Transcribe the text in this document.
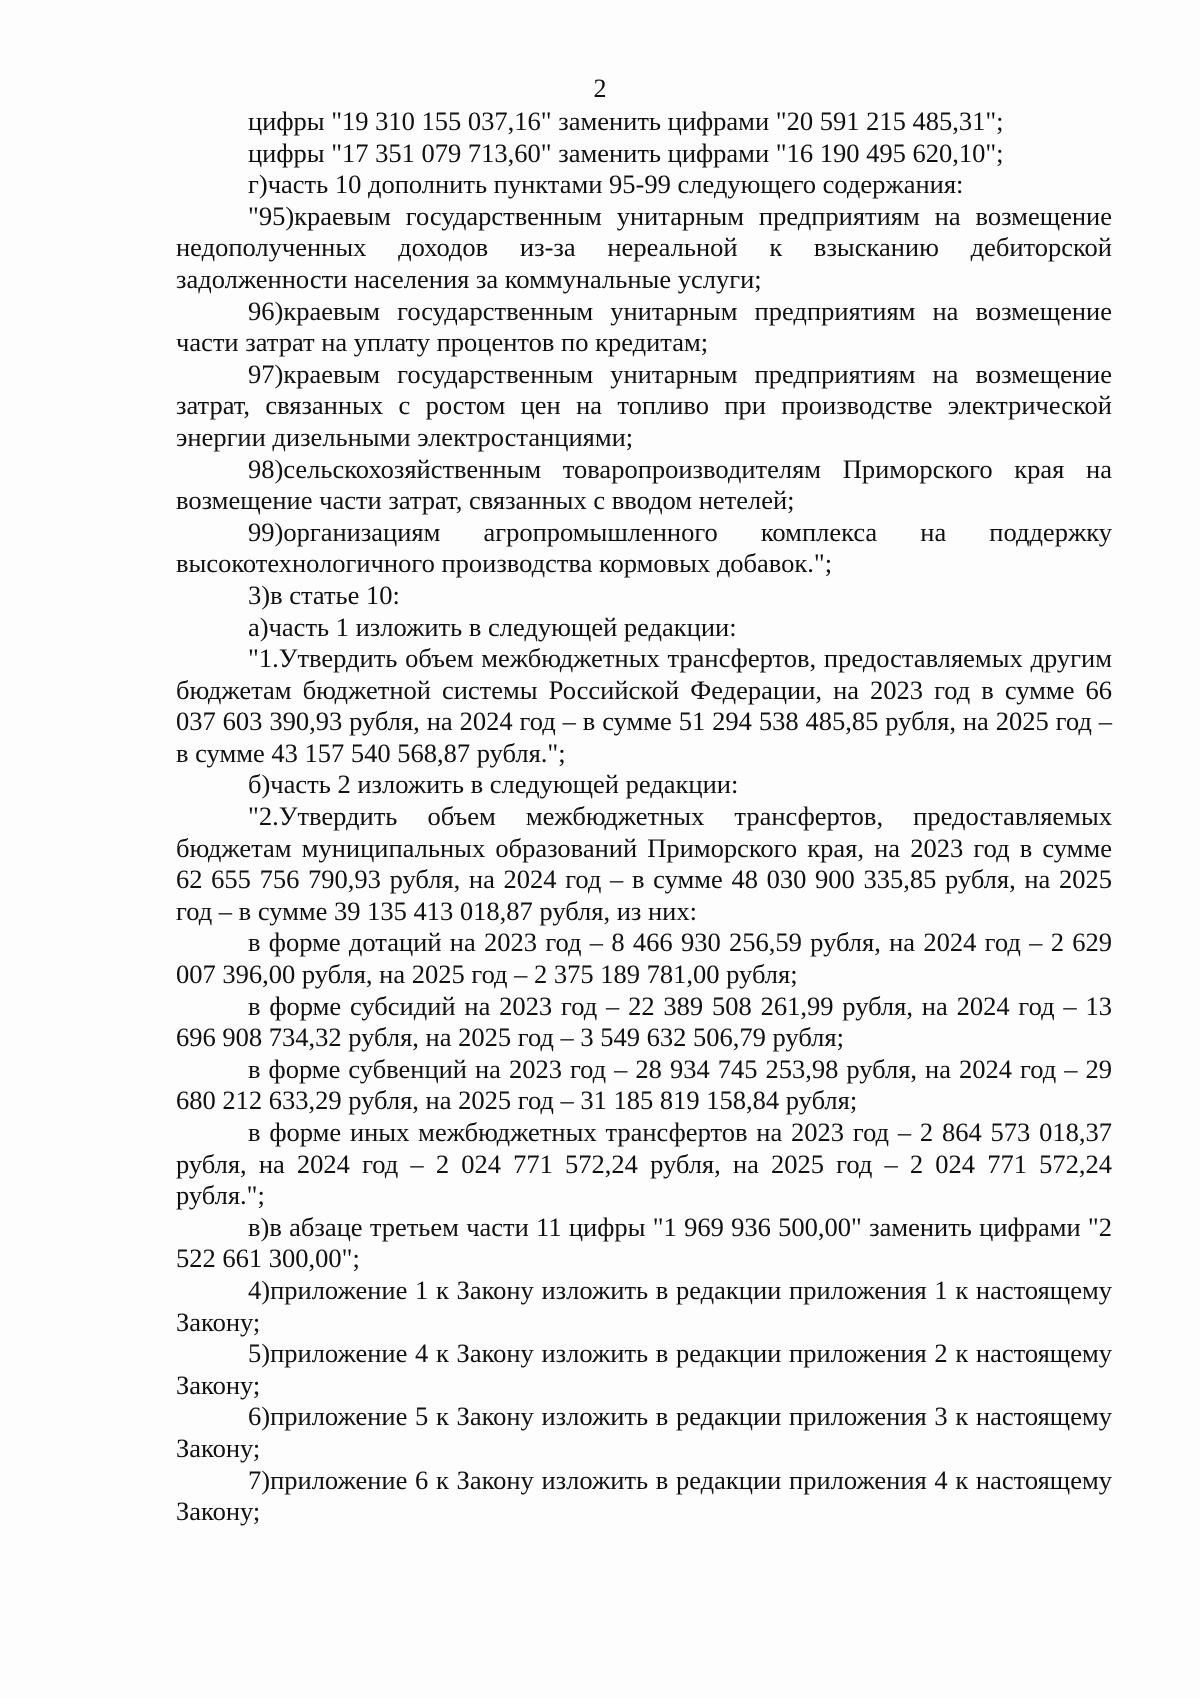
2

цифры "19 310 155 037,16" заменить цифрами "20 591 215 485,31";

цифры "17 351 079 713,60" заменить цифрами "16 190 495 620,10";

г)часть 10 дополнить пунктами 95-99 следующего содержания:

"95)краевым государственным унитарным предприятиям на возмещение недополученных доходов из-за нереальной к взысканию дебиторской задолженности населения за коммунальные услуги;

96)краевым государственным унитарным предприятиям на возмещение части затрат на уплату процентов по кредитам;

97)краевым государственным унитарным предприятиям на возмещение затрат, связанных с ростом цен на топливо при производстве электрической энергии дизельными электростанциями;

98)сельскохозяйственным товаропроизводителям Приморского края на возмещение части затрат, связанных с вводом нетелей;

99)организациям агропромышленного комплекса на поддержку высокотехнологичного производства кормовых добавок.";

3)в статье 10:

а)часть 1 изложить в следующей редакции:

"1.Утвердить объем межбюджетных трансфертов, предоставляемых другим бюджетам бюджетной системы Российской Федерации, на 2023 год в сумме 66 037 603 390,93 рубля, на 2024 год – в сумме 51 294 538 485,85 рубля, на 2025 год – в сумме 43 157 540 568,87 рубля.";

б)часть 2 изложить в следующей редакции:

"2.Утвердить объем межбюджетных трансфертов, предоставляемых бюджетам муниципальных образований Приморского края, на 2023 год в сумме 62 655 756 790,93 рубля, на 2024 год – в сумме 48 030 900 335,85 рубля, на 2025 год – в сумме 39 135 413 018,87 рубля, из них:

в форме дотаций на 2023 год – 8 466 930 256,59 рубля, на 2024 год – 2 629 007 396,00 рубля, на 2025 год – 2 375 189 781,00 рубля;

в форме субсидий на 2023 год – 22 389 508 261,99 рубля, на 2024 год – 13 696 908 734,32 рубля, на 2025 год – 3 549 632 506,79 рубля;

в форме субвенций на 2023 год – 28 934 745 253,98 рубля, на 2024 год – 29 680 212 633,29 рубля, на 2025 год – 31 185 819 158,84 рубля;

в форме иных межбюджетных трансфертов на 2023 год – 2 864 573 018,37 рубля, на 2024 год – 2 024 771 572,24 рубля, на 2025 год – 2 024 771 572,24 рубля.";

в)в абзаце третьем части 11 цифры "1 969 936 500,00" заменить цифрами "2 522 661 300,00";

4)приложение 1 к Закону изложить в редакции приложения 1 к настоящему Закону;

5)приложение 4 к Закону изложить в редакции приложения 2 к настоящему Закону;

6)приложение 5 к Закону изложить в редакции приложения 3 к настоящему Закону;

7)приложение 6 к Закону изложить в редакции приложения 4 к настоящему Закону;
